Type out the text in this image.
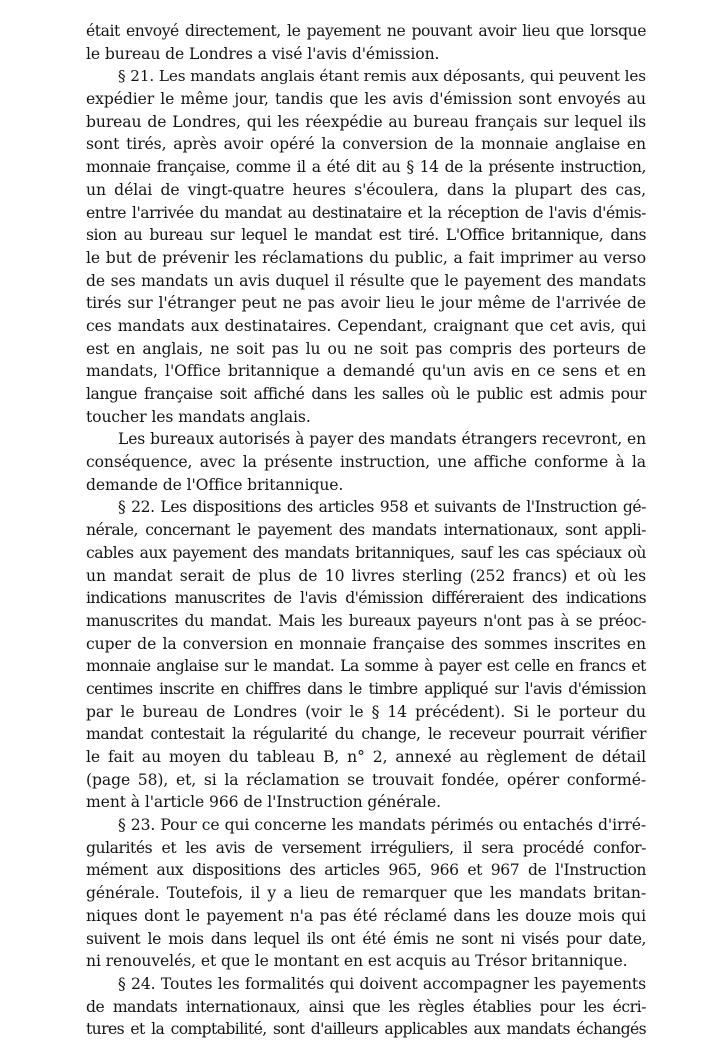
était envoyé directement, le payement ne pouvant avoir lieu que lorsque
le bureau de Londres a visé l'avis d'émission.
§ 21. Les mandats anglais étant remis aux déposants, qui peuvent les
expédier le même jour, tandis que les avis d'émission sont envoyés au
bureau de Londres, qui les réexpédie au bureau français sur lequel ils
sont tirés, après avoir opéré la conversion de la monnaie anglaise en
monnaie française, comme il a été dit au § 14 de la présente instruction,
un délai de vingt-quatre heures s'écoulera, dans la plupart des cas,
entre l'arrivée du mandat au destinataire et la réception de l'avis d'émis-
sion au bureau sur lequel le mandat est tiré. L'Office britannique, dans
le but de prévenir les réclamations du public, a fait imprimer au verso
de ses mandats un avis duquel il résulte que le payement des mandats
tirés sur l'étranger peut ne pas avoir lieu le jour même de l'arrivée de
ces mandats aux destinataires. Cependant, craignant que cet avis, qui
est en anglais, ne soit pas lu ou ne soit pas compris des porteurs de
mandats, l'Office britannique a demandé qu'un avis en ce sens et en
langue française soit affiché dans les salles où le public est admis pour
toucher les mandats anglais.
Les bureaux autorisés à payer des mandats étrangers recevront, en
conséquence, avec la présente instruction, une affiche conforme à la
demande de l'Office britannique.
§ 22. Les dispositions des articles 958 et suivants de l'Instruction gé-
nérale, concernant le payement des mandats internationaux, sont appli-
cables aux payement des mandats britanniques, sauf les cas spéciaux où
un mandat serait de plus de 10 livres sterling (252 francs) et où les
indications manuscrites de l'avis d'émission différeraient des indications
manuscrites du mandat. Mais les bureaux payeurs n'ont pas à se préoc-
cuper de la conversion en monnaie française des sommes inscrites en
monnaie anglaise sur le mandat. La somme à payer est celle en francs et
centimes inscrite en chiffres dans le timbre appliqué sur l'avis d'émission
par le bureau de Londres (voir le § 14 précédent). Si le porteur du
mandat contestait la régularité du change, le receveur pourrait vérifier
le fait au moyen du tableau B, n° 2, annexé au règlement de détail
(page 58), et, si la réclamation se trouvait fondée, opérer conformé-
ment à l'article 966 de l'Instruction générale.
§ 23. Pour ce qui concerne les mandats périmés ou entachés d'irré-
gularités et les avis de versement irréguliers, il sera procédé confor-
mément aux dispositions des articles 965, 966 et 967 de l'Instruction
générale. Toutefois, il y a lieu de remarquer que les mandats britan-
niques dont le payement n'a pas été réclamé dans les douze mois qui
suivent le mois dans lequel ils ont été émis ne sont ni visés pour date,
ni renouvelés, et que le montant en est acquis au Trésor britannique.
§ 24. Toutes les formalités qui doivent accompagner les payements
de mandats internationaux, ainsi que les règles établies pour les écri-
tures et la comptabilité, sont d'ailleurs applicables aux mandats échangés
